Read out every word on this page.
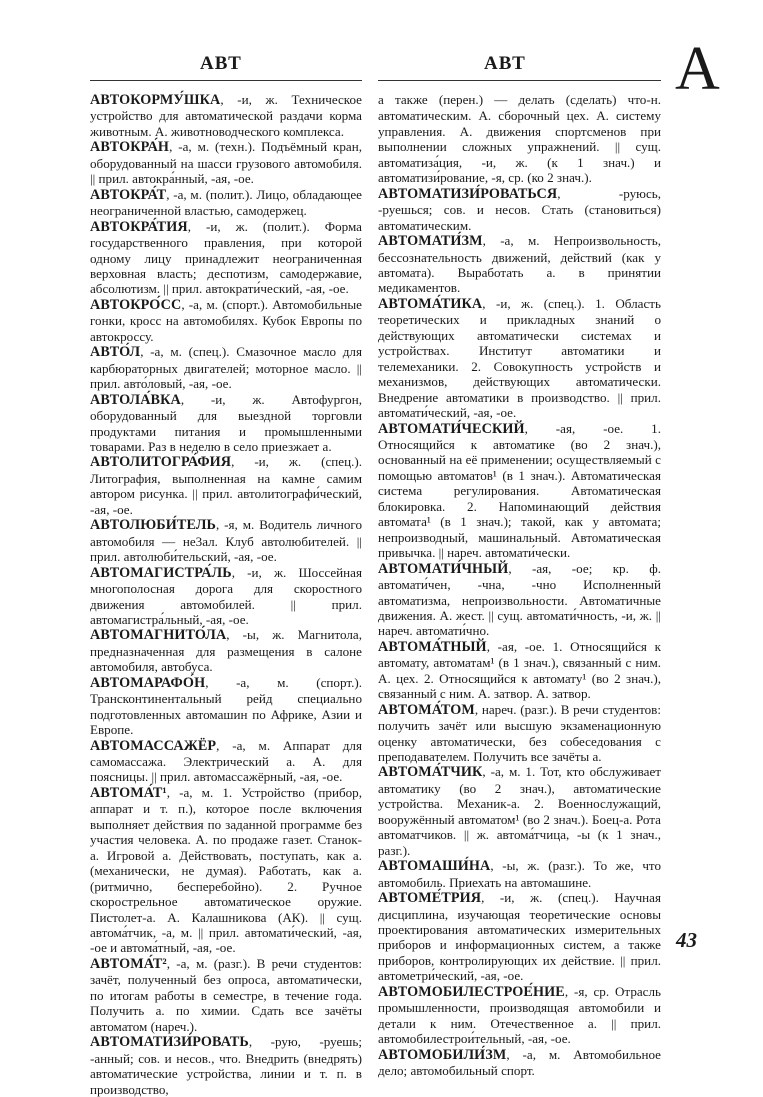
АВТ	АВТ А

АВТОКОРМУ́ШКА, -и, ж. Техническое устройство для автоматической раздачи корма животным. А. животноводческого комплекса.

АВТОКРА́Н, -а, м. (техн.). Подъёмный кран, оборудованный на шасси грузового автомобиля. || прил. автокра́нный, -ая, -ое.

АВТОКРА́Т, -а, м. (полит.). Лицо, обладающее неограниченной властью, самодержец.

АВТОКРА́ТИЯ, -и, ж. (полит.). Форма государственного правления, при которой одному лицу принадлежит неограниченная верховная власть; деспотизм, самодержавие, абсолютизм. || прил. автократи́ческий, -ая, -ое.

АВТОКРО́СС, -а, м. (спорт.). Автомобильные гонки, кросс на автомобилях. Кубок Европы по автокроссу.

АВТО́Л, -а, м. (спец.). Смазочное масло для карбюраторных двигателей; моторное масло. || прил. авто́ловый, -ая, -ое.

АВТОЛА́ВКА, -и, ж. Автофургон, оборудованный для выездной торговли продуктами питания и промышленными товарами. Раз в неделю в село приезжает а.

АВТОЛИТОГРА́ФИЯ, -и, ж. (спец.). Литография, выполненная на камне самим автором рисунка. || прил. автолитографи́ческий, -ая, -ое.

АВТОЛЮБИ́ТЕЛЬ, -я, м. Водитель личного автомобиля — не3ал. Клуб автолюбителей. || прил. автолюби́тельский, -ая, -ое.

АВТОМАГИСТРА́ЛЬ, -и, ж. Шоссейная многополосная дорога для скоростного движения автомобилей. || прил. автомагистра́льный, -ая, -ое.

АВТОМАГНИТО́ЛА, -ы, ж. Магнитола, предназначенная для размещения в салоне автомобиля, автобуса.

АВТОМАРАФО́Н, -а, м. (спорт.). Трансконтинентальный рейд специально подготовленных автомашин по Африке, Азии и Европе.

АВТОМАССАЖЁР, -а, м. Аппарат для самомассажа. Электрический а. А. для поясницы. || прил. автомассажёрный, -ая, -ое.

АВТОМА́Т¹, -а, м. 1. Устройство (прибор, аппарат и т. п.), которое после включения выполняет действия по заданной программе без участия человека. А. по продаже газет. Станок-а. Игровой а. Действовать, поступать, как а. (механически, не думая). Работать, как а. (ритмично, бесперебойно). 2. Ручное скорострельное автоматическое оружие. Пистолет-а. А. Калашникова (АК). || сущ. автома́тчик, -а, м. || прил. автомати́ческий, -ая, -ое и автома́тный, -ая, -ое.

АВТОМА́Т², -а, м. (разг.). В речи студентов: зачёт, полученный без опроса, автоматически, по итогам работы в семестре, в течение года. Получить а. по химии. Сдать все зачёты автоматом (нареч.).

АВТОМАТИЗИ́РОВАТЬ, -рую, -руешь; -анный; сов. и несов., что. Внедрить (внедрять) автоматические устройства, линии и т. п. в производство,

а также (перен.) — делать (сделать) что-н. автоматическим. А. сборочный цех. А. систему управления. А. движения спортсменов при выполнении сложных упражнений. || сущ. автоматиза́ция, -и, ж. (к 1 знач.) и автоматизи́рование, -я, ср. (ко 2 знач.).

АВТОМАТИЗИ́РОВАТЬСЯ, -руюсь, -руешься; сов. и несов. Стать (становиться) автоматическим.

АВТОМАТИ́ЗМ, -а, м. Непроизвольность, бессознательность движений, действий (как у автомата). Выработать а. в принятии медикаментов.

АВТОМА́ТИКА, -и, ж. (спец.). 1. Область теоретических и прикладных знаний о действующих автоматически системах и устройствах. Институт автоматики и телемеханики. 2. Совокупность устройств и механизмов, действующих автоматически. Внедрение автоматики в производство. || прил. автомати́ческий, -ая, -ое.

АВТОМАТИ́ЧЕСКИЙ, -ая, -ое. 1. Относящийся к автоматике (во 2 знач.), основанный на её применении; осуществляемый с помощью автоматов¹ (в 1 знач.). Автоматическая система регулирования. Автоматическая блокировка. 2. Напоминающий действия автомата¹ (в 1 знач.); такой, как у автомата; непроизводный, машинальный. Автоматическая привычка. || нареч. автомати́чески.

АВТОМАТИ́ЧНЫЙ, -ая, -ое; кр. ф. автомати́чен, -чна, -чно Исполненный автоматизма, непроизвольности. Автоматичные движения. А. жест. || сущ. автомати́чность, -и, ж. || нареч. автомати́чно.

АВТОМА́ТНЫЙ, -ая, -ое. 1. Относящийся к автомату, автоматам¹ (в 1 знач.), связанный с ним. А. цех. 2. Относящийся к автомату¹ (во 2 знач.), связанный с ним. А. затвор. А. затвор.

АВТОМА́ТОМ, нареч. (разг.). В речи студентов: получить зачёт или высшую экзаменационную оценку автоматически, без собеседования с преподавателем. Получить все зачёты а.

АВТОМА́ТЧИК, -а, м. 1. Тот, кто обслуживает автоматику (во 2 знач.), автоматические устройства. Механик-а. 2. Военнослужащий, вооружённый автоматом¹ (во 2 знач.). Боец-а. Рота автоматчиков. || ж. автома́тчица, -ы (к 1 знач., разг.).

АВТОМАШИ́НА, -ы, ж. (разг.). То же, что автомобиль. Приехать на автомашине.

АВТОМЕ́ТРИЯ, -и, ж. (спец.). Научная дисциплина, изучающая теоретические основы проектирования автоматических измерительных приборов и информационных систем, а также приборов, контролирующих их действие. || прил. автометри́ческий, -ая, -ое.

АВТОМОБИЛЕСТРОЕ́НИЕ, -я, ср. Отрасль промышленности, производящая автомобили и детали к ним. Отечественное а. || прил. автомобилестрои́тельный, -ая, -ое.

АВТОМОБИЛИ́ЗМ, -а, м. Автомобильное дело; автомобильный спорт.

43
